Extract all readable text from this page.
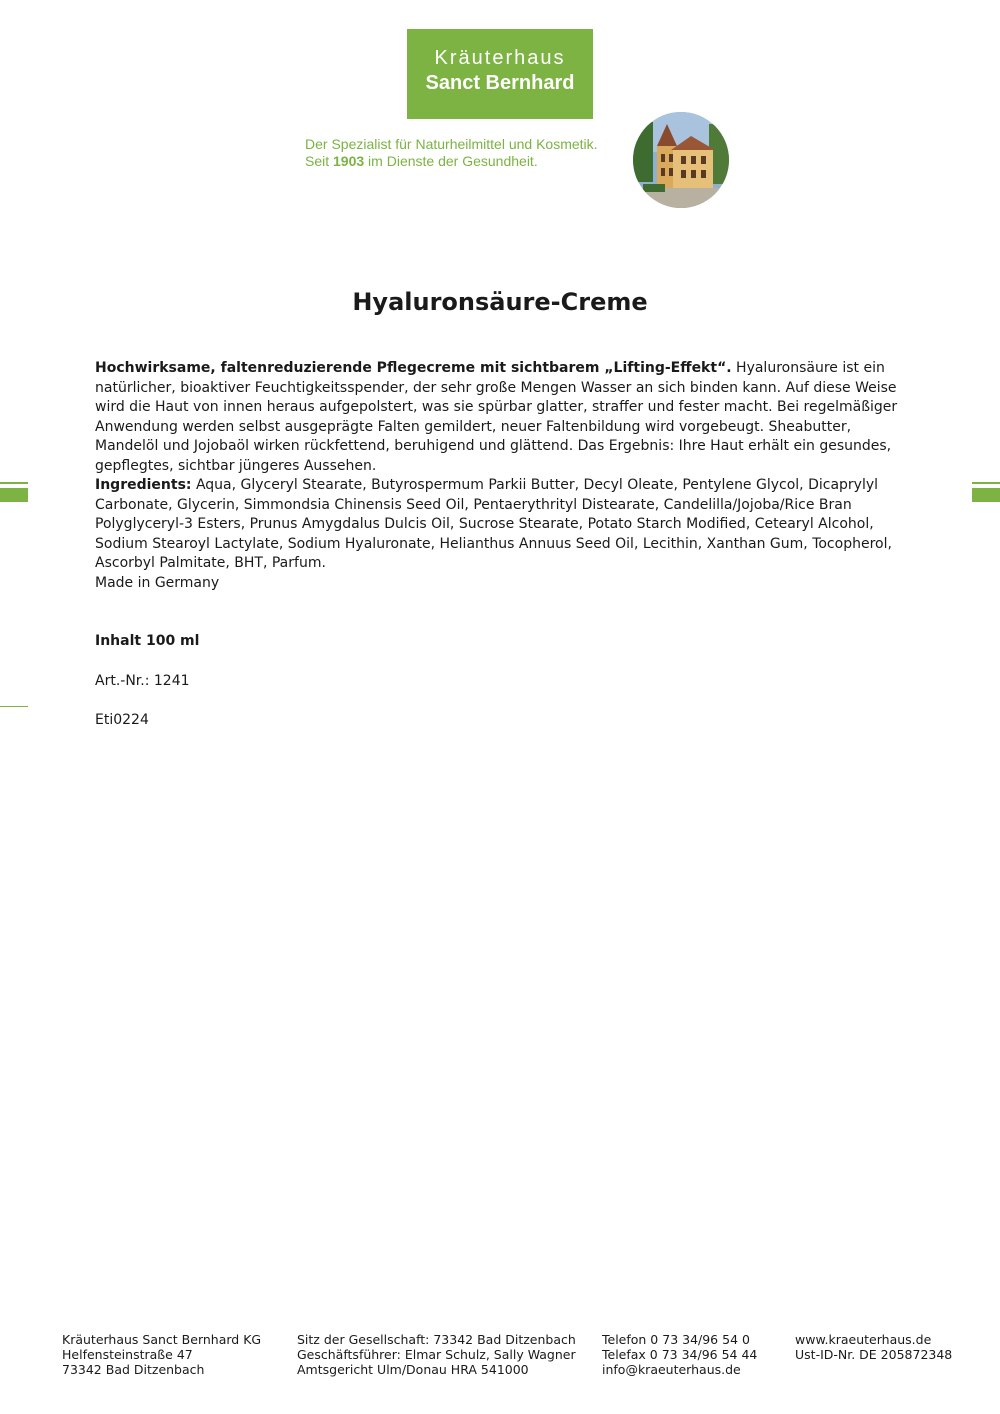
Kräuterhaus
Sanct Bernhard
Der Spezialist für Naturheilmittel und Kosmetik.
Seit 1903 im Dienste der Gesundheit.
Hyaluronsäure-Creme
Hochwirksame, faltenreduzierende Pflegecreme mit sichtbarem „Lifting-Effekt“. Hyaluronsäure ist ein natürlicher, bioaktiver Feuchtigkeitsspender, der sehr große Mengen Wasser an sich binden kann. Auf diese Weise wird die Haut von innen heraus aufgepolstert, was sie spürbar glatter, straffer und fester macht. Bei regelmäßiger Anwendung werden selbst ausgeprägte Falten gemildert, neuer Faltenbildung wird vorgebeugt. Sheabutter, Mandelöl und Jojobaöl wirken rückfettend, beruhigend und glättend. Das Ergebnis: Ihre Haut erhält ein gesundes, gepflegtes, sichtbar jüngeres Aussehen.
Ingredients: Aqua, Glyceryl Stearate, Butyrospermum Parkii Butter, Decyl Oleate, Pentylene Glycol, Dicaprylyl Carbonate, Glycerin, Simmondsia Chinensis Seed Oil, Pentaerythrityl Distearate, Candelilla/Jojoba/Rice Bran Polyglyceryl-3 Esters, Prunus Amygdalus Dulcis Oil, Sucrose Stearate, Potato Starch Modified, Cetearyl Alcohol, Sodium Stearoyl Lactylate, Sodium Hyaluronate, Helianthus Annuus Seed Oil, Lecithin, Xanthan Gum, Tocopherol, Ascorbyl Palmitate, BHT, Parfum.
Made in Germany
Inhalt 100 ml
Art.-Nr.: 1241
Eti0224
Kräuterhaus Sanct Bernhard KG
Helfensteinstraße 47
73342 Bad Ditzenbach
Sitz der Gesellschaft: 73342 Bad Ditzenbach
Geschäftsführer: Elmar Schulz, Sally Wagner
Amtsgericht Ulm/Donau HRA 541000
Telefon 0 73 34/96 54 0
Telefax 0 73 34/96 54 44
info@kraeuterhaus.de
www.kraeuterhaus.de
Ust-ID-Nr. DE 205872348
